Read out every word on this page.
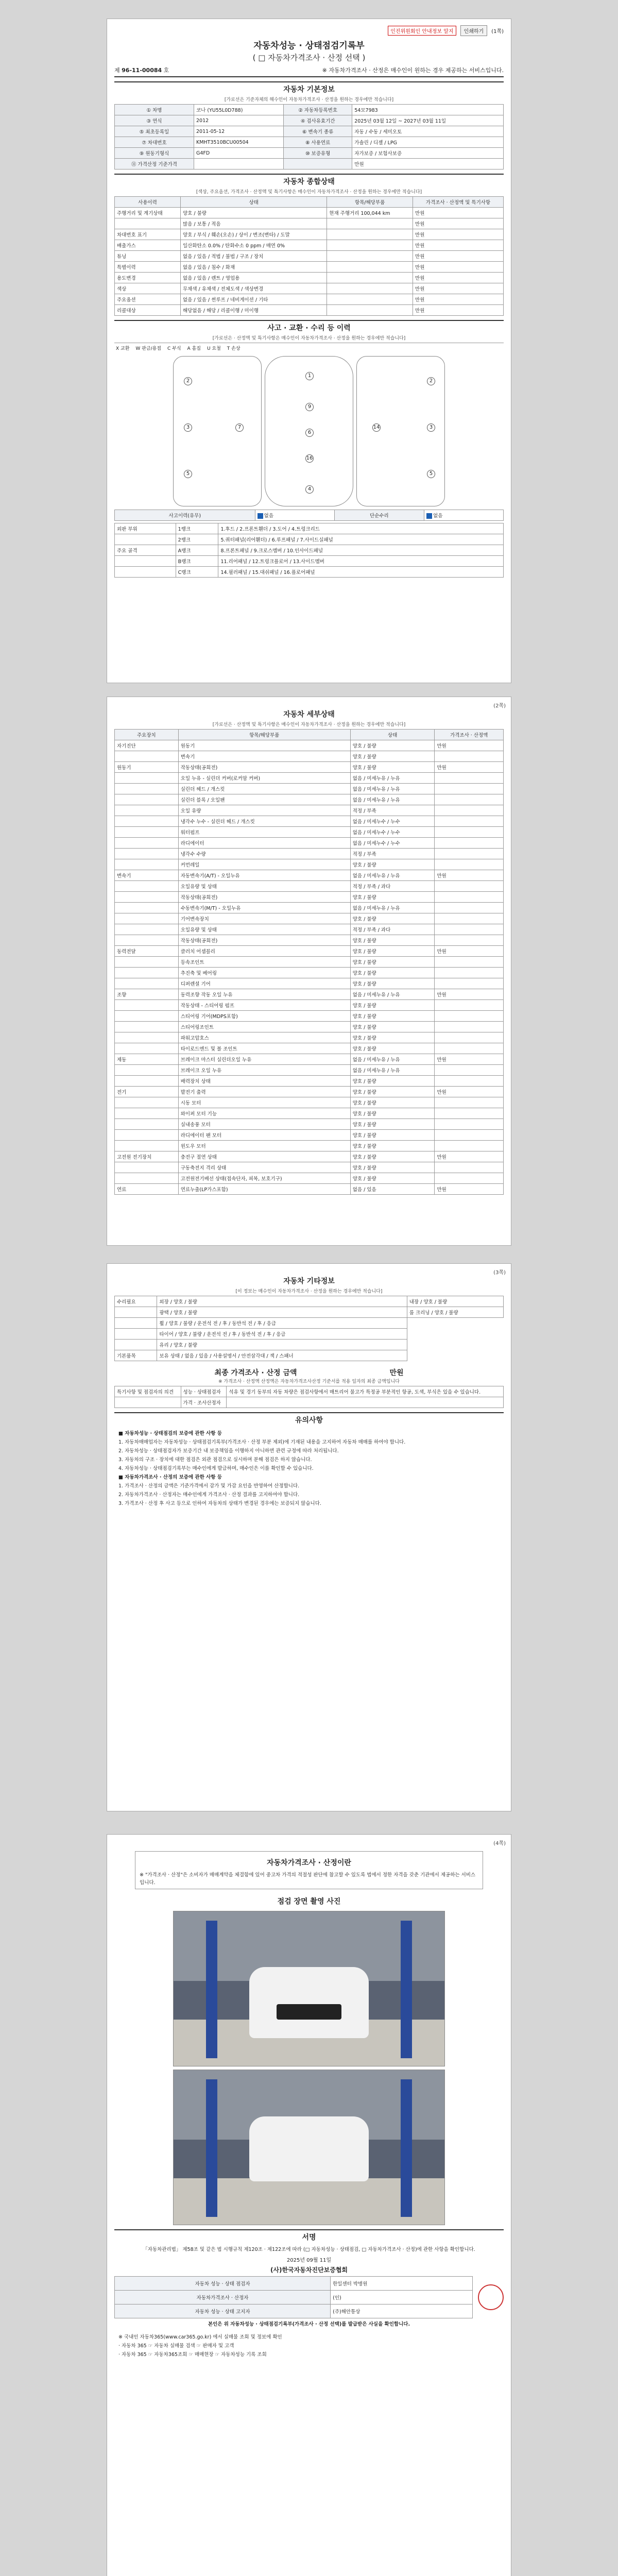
인진위원회인 안내정보 알지	인쇄하기	(1쪽)
자동차성능 · 상태점검기록부
( □ 자동차가격조사 · 산정 선택 )
제 96-11-00084 호	※ 자동차가격조사 · 산정은 매수인이 원하는 경우 제공하는 서비스입니다.
자동차 기본정보
[가로선은 기준자체의 해수인이 자동차가격조사 · 산정을 원하는 경우에만 적습니다]
① 차명	코나 (YU55L0D788)	② 자동차등록번호	54모7983
③ 연식	2012	④ 검사유효기간	2025년 03월 12일 ~ 2027년 03월 11일
⑤ 최초등록일	2011-05-12	⑥ 변속기 종류	자동 / 수동 / 세미오토
⑦ 차대번호	KMHT3510BCU00504	⑧ 사용연료	가솔린 / 디젤 / LPG
⑨ 원동기형식	G4FD	⑩ 보증유형	자가보증 / 보험사보증
⑪ 가격산정 기준가격			만원
자동차 종합상태
[색상, 주요옵션, 가격조사 · 산정액 및 특기사항은 매수인이 자동차가격조사 · 산정을 원하는 경우에만 적습니다]
사용이력	상태	항목/해당부품	가격조사 · 산정액 및 특기사항
주행거리 및 계기상태	양호 / 불량	현재 주행거리 100,044 km	만원
	많음 / 보통 / 적음		만원
차대번호 표기	양호 / 부식 / 훼손(오손) / 상이 / 변조(변타) / 도말		만원
배출가스	일산화탄소 0.0% / 탄화수소 0 ppm / 매연 0%		만원
튜닝	없음 / 있음 / 적법 / 불법 / 구조 / 장치		만원
특별이력	없음 / 있음 / 침수 / 화재		만원
용도변경	없음 / 있음 / 렌트 / 영업용		만원
색상	무채색 / 유채색 / 전체도색 / 색상변경		만원
주요옵션	없음 / 있음 / 썬루프 / 네비게이션 / 기타		만원
리콜대상	해당없음 / 해당 / 리콜이행 / 미이행		만원
사고 · 교환 · 수리 등 이력
[가로선은 · 산정액 및 특기사항은 매수인이 자동차가격조사 · 산정을 원하는 경우에만 적습니다]
X 교환 W 판금/용접 C 부식 A 흠집 U 요철 T 손상
2
3
5
7
1
9
6
16
4
2
3
5
14
사고이력(유무)	없음	단순수리	없음
외판 부위	1랭크	1.후드 / 2.프론트휀더 / 3.도어 / 4.트렁크리드
	2랭크	5.쿼터패널(리어휀더) / 6.루프패널 / 7.사이드실패널
주요 골격	A랭크	8.프론트패널 / 9.크로스멤버 / 10.인사이드패널
	B랭크	11.리어패널 / 12.트렁크플로어 / 13.사이드멤버
	C랭크	14.필러패널 / 15.대쉬패널 / 16.플로어패널
(2쪽)
자동차 세부상태
[가로선은 · 산정액 및 특기사항은 매수인이 자동차가격조사 · 산정을 원하는 경우에만 적습니다]
주요장치	항목/해당부품	상태	가격조사 · 산정액
자기진단	원동기	양호 / 불량	만원
	변속기	양호 / 불량	
원동기	작동상태(공회전)	양호 / 불량	만원
	오일 누유 - 실린더 커버(로커암 커버)	없음 / 미세누유 / 누유	
	실린더 헤드 / 개스킷	없음 / 미세누유 / 누유	
	실린더 블록 / 오일팬	없음 / 미세누유 / 누유	
	오일 유량	적정 / 부족	
	냉각수 누수 - 실린더 헤드 / 개스킷	없음 / 미세누수 / 누수	
	워터펌프	없음 / 미세누수 / 누수	
	라디에이터	없음 / 미세누수 / 누수	
	냉각수 수량	적정 / 부족	
	커먼레일	양호 / 불량	
변속기	자동변속기(A/T) - 오일누유	없음 / 미세누유 / 누유	만원
	오일유량 및 상태	적정 / 부족 / 과다	
	작동상태(공회전)	양호 / 불량	
	수동변속기(M/T) - 오일누유	없음 / 미세누유 / 누유	
	기어변속장치	양호 / 불량	
	오일유량 및 상태	적정 / 부족 / 과다	
	작동상태(공회전)	양호 / 불량	
동력전달	클러치 어셈블리	양호 / 불량	만원
	등속조인트	양호 / 불량	
	추진축 및 베어링	양호 / 불량	
	디퍼렌셜 기어	양호 / 불량	
조향	동력조향 작동 오일 누유	없음 / 미세누유 / 누유	만원
	작동상태 - 스티어링 펌프	양호 / 불량	
	스티어링 기어(MDPS포함)	양호 / 불량	
	스티어링조인트	양호 / 불량	
	파워고압호스	양호 / 불량	
	타이로드엔드 및 볼 조인트	양호 / 불량	
제동	브레이크 마스터 실린더오일 누유	없음 / 미세누유 / 누유	만원
	브레이크 오일 누유	없음 / 미세누유 / 누유	
	배력장치 상태	양호 / 불량	
전기	발전기 출력	양호 / 불량	만원
	시동 모터	양호 / 불량	
	와이퍼 모터 기능	양호 / 불량	
	실내송풍 모터	양호 / 불량	
	라디에이터 팬 모터	양호 / 불량	
	윈도우 모터	양호 / 불량	
고전원 전기장치	충전구 절연 상태	양호 / 불량	만원
	구동축전지 격리 상태	양호 / 불량	
	고전원전기배선 상태(접속단자, 피복, 보호기구)	양호 / 불량	
연료	연료누출(LP가스포함)	없음 / 있음	만원
(3쪽)
자동차 기타정보
[이 정보는 매수인이 자동차가격조사 · 산정을 원하는 경우에만 적습니다]
수리필요	외장 / 양호 / 불량	내장 / 양호 / 불량
	광택 / 양호 / 불량	룸 크리닝 / 양호 / 불량
	휠 / 양호 / 불량 / 운전석 전 / 후 / 동반석 전 / 후 / 응급	
	타이어 / 양호 / 불량 / 운전석 전 / 후 / 동반석 전 / 후 / 응급	
	유리 / 양호 / 불량	
기본품목	보유 상태 / 없음 / 있음 / 사용설명서 / 안전삼각대 / 잭 / 스패너	
최종 가격조사 · 산정 금액	만원
※ 가격조사 · 산정액 산정액은 자동차가격조사산정 기준서를 적용 일자의 최종 금액입니다
특기사항 및 점검자의 의견	성능 · 상태점검자	석유 및 경기 동부의 자동 차량은 점검사항에서 매트리어 물고가 특정공 부분적인 항공, 도색, 부식은 있을 수 있습니다.
	가격 · 조사산정자	
유의사항

■ 자동차성능 · 상태점검의 보증에 관한 사항 등

1. 자동차매매업자는 자동차성능 · 상태점검기록부(가격조사 · 산정 부분 제외)에 기재된 내용을 고지하여 자동차 매매를 하여야 합니다.

2. 자동차성능 · 상태점검자가 보증기간 내 보증책임을 이행하지 아니하면 관련 규정에 따라 처리됩니다.

3. 자동차의 구조 · 장치에 대한 점검은 외관 점검으로 실시하며 분해 점검은 하지 않습니다.

4. 자동차성능 · 상태점검기록부는 매수인에게 발급하며, 매수인은 이를 확인할 수 있습니다.

■ 자동차가격조사 · 산정의 보증에 관한 사항 등

1. 가격조사 · 산정의 금액은 기준가격에서 감가 및 가감 요인을 반영하여 산정합니다.

2. 자동차가격조사 · 산정자는 매수인에게 가격조사 · 산정 결과를 고지하여야 합니다.

3. 가격조사 · 산정 후 사고 등으로 인하여 자동차의 상태가 변경된 경우에는 보증되지 않습니다.

(4쪽)
자동차가격조사 · 산정이란
※ "가격조사 · 산정"은 소비자가 매매계약을 체결함에 있어 중고차 가격의 적절성 판단에 참고할 수 있도록 법에서 정한 자격을 갖춘 기관에서 제공하는 서비스입니다.
점검 장면 촬영 사진
서명
「자동차관리법」 제58조 및 같은 법 시행규칙 제120조 · 제122조에 따라 (□ 자동차성능 · 상태점검, □ 자동차가격조사 · 산정)에 관한 사항을 확인합니다.
2025년 09월 11일
(사)한국자동차진단보증협회
자동차 성능 · 상태 점검자	한일센터 박병원
자동차가격조사 · 산정자	(인)
자동차 성능 · 상태 고지자	(주)해안통상
본인은 위 자동차성능 · 상태점검기록부(가격조사 · 산정 선택)를 발급받은 사실을 확인합니다.

※ 국내인 자동차365(www.car365.go.kr) 에서 실매물 조회 및 정보에 확인

· 자동차 365 ☞ 자동차 실매물 검색 ☞ 판매자 및 고객

· 자동차 365 ☞ 자동차365조회 ☞ 매매현장 ☞ 자동차성능 기록 조회
